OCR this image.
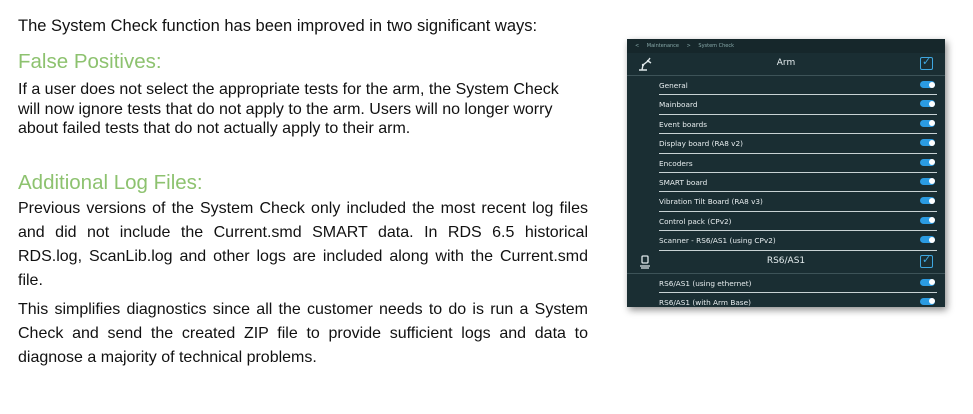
The System Check function has been improved in two significant ways:
False Positives:
If a user does not select the appropriate tests for the arm, the System Check will now ignore tests that do not apply to the arm. Users will no longer worry about failed tests that do not actually apply to their arm.
Additional Log Files:
Previous versions of the System Check only included the most recent log files and did not include the Current.smd SMART data. In RDS 6.5 historical RDS.log, ScanLib.log and other logs are included along with the Current.smd file.
This simplifies diagnostics since all the customer needs to do is run a System Check and send the created ZIP file to provide sufficient logs and data to diagnose a majority of technical problems.
< Maintenance > System Check
Arm
✓
General
Mainboard
Event boards
Display board (RA8 v2)
Encoders
SMART board
Vibration Tilt Board (RA8 v3)
Control pack (CPv2)
Scanner - RS6/AS1 (using CPv2)
RS6/AS1
✓
RS6/AS1 (using ethernet)
RS6/AS1 (with Arm Base)
